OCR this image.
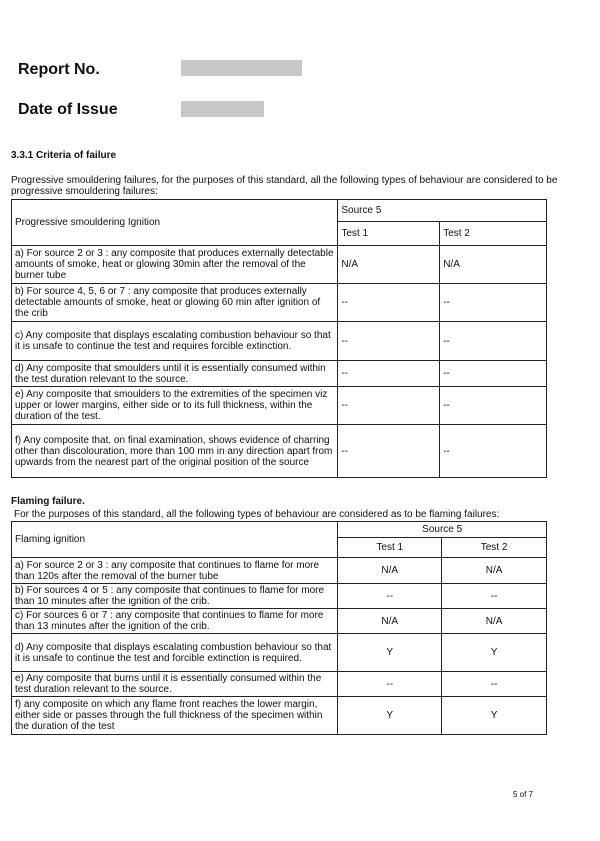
Report No.
Date of Issue
3.3.1 Criteria of failure
Progressive smouldering failures, for the purposes of this standard, all the following types of behaviour are considered to be progressive smouldering failures:
Progressive smouldering Ignition	Source 5	
	Test 1	Test 2
a) For source 2 or 3 : any composite that produces externally detectable amounts of smoke, heat or glowing 30min after the removal of the burner tube	N/A	N/A
b) For source 4, 5, 6 or 7 : any composite that produces externally detectable amounts of smoke, heat or glowing 60 min after ignition of the crib	--	--
c) Any composite that displays escalating combustion behaviour so that it is unsafe to continue the test and requires forcible extinction.	--	--
d) Any composite that smoulders until it is essentially consumed within the test duration relevant to the source.	--	--
e) Any composite that smoulders to the extremities of the specimen viz upper or lower margins, either side or to its full thickness, within the duration of the test.	--	--
f) Any composite that, on final examination, shows evidence of charring other than discolouration, more than 100 mm in any direction apart from upwards from the nearest part of the original position of the source	--	--
Flaming failure.
For the purposes of this standard, all the following types of behaviour are considered as to be flaming failures:
Flaming ignition	Source 5	
	Test 1	Test 2
a) For source 2 or 3 : any composite that continues to flame for more than 120s after the removal of the burner tube	N/A	N/A
b) For sources 4 or 5 : any composite that continues to flame for more than 10 minutes after the ignition of the crib.	--	--
c) For sources 6 or 7 : any composite that continues to flame for more than 13 minutes after the ignition of the crib.	N/A	N/A
d) Any composite that displays escalating combustion behaviour so that it is unsafe to continue the test and forcible extinction is required.	Y	Y
e) Any composite that burns until it is essentially consumed within the test duration relevant to the source.	--	--
f) any composite on which any flame front reaches the lower margin, either side or passes through the full thickness of the specimen within the duration of the test	Y	Y
5 of 7
